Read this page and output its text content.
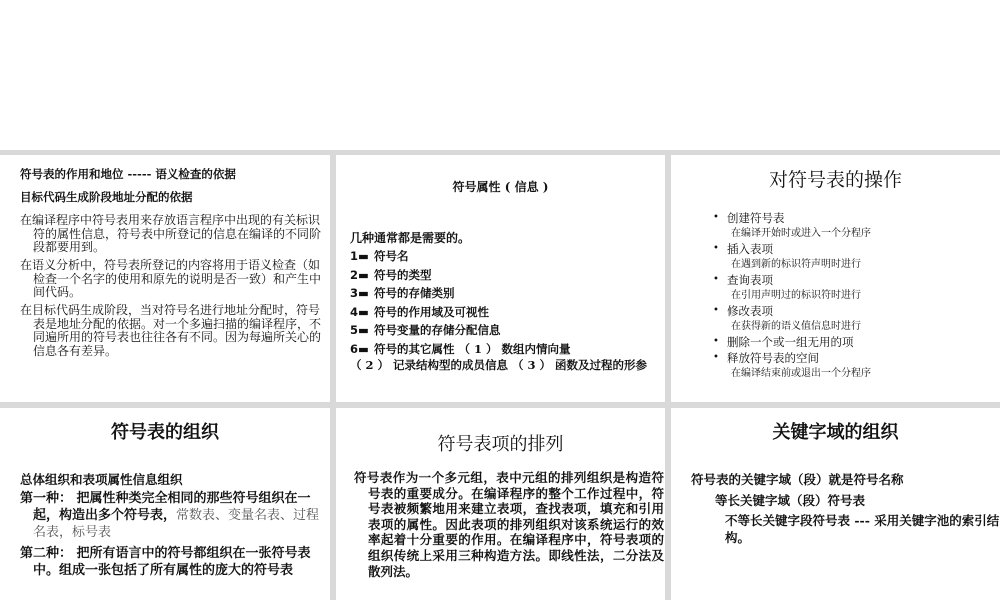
符号表的作用和地位 ----- 语义检查的依据
目标代码生成阶段地址分配的依据
在编译程序中符号表用来存放语言程序中出现的有关标识符的属性信息，符号表中所登记的信息在编译的不同阶段都要用到。
在语义分析中，符号表所登记的内容将用于语义检查（如检查一个名字的使用和原先的说明是否一致）和产生中间代码。
在目标代码生成阶段，当对符号名进行地址分配时，符号表是地址分配的依据。对一个多遍扫描的编译程序，不同遍所用的符号表也往往各有不同。因为每遍所关心的信息各有差异。
符号属性 ( 信息 )
几种通常都是需要的。
1▬ 符号名
2▬ 符号的类型
3▬ 符号的存储类别
4▬ 符号的作用域及可视性
5▬ 符号变量的存储分配信息
6▬ 符号的其它属性 （ 1 ） 数组内情向量
（ 2 ） 记录结构型的成员信息 （ 3 ） 函数及过程的形参
对符号表的操作
• 创建符号表
在编译开始时或进入一个分程序
• 插入表项
在遇到新的标识符声明时进行
• 查询表项
在引用声明过的标识符时进行
• 修改表项
在获得新的语义值信息时进行
• 删除一个或一组无用的项
• 释放符号表的空间
在编译结束前或退出一个分程序
符号表的组织
总体组织和表项属性信息组织
第一种： 把属性种类完全相同的那些符号组织在一起，构造出多个符号表，常数表、变量名表、过程名表，标号表
第二种： 把所有语言中的符号都组织在一张符号表中。组成一张包括了所有属性的庞大的符号表
符号表项的排列
符号表作为一个多元组，表中元组的排列组织是构造符号表的重要成分。在编译程序的整个工作过程中，符号表被频繁地用来建立表项，查找表项，填充和引用表项的属性。因此表项的排列组织对该系统运行的效率起着十分重要的作用。在编译程序中，符号表项的组织传统上采用三种构造方法。即线性法，二分法及散列法。
关键字域的组织
符号表的关键字域（段）就是符号名称
等长关键字域（段）符号表
不等长关键字段符号表 --- 采用关键字池的索引结构。
